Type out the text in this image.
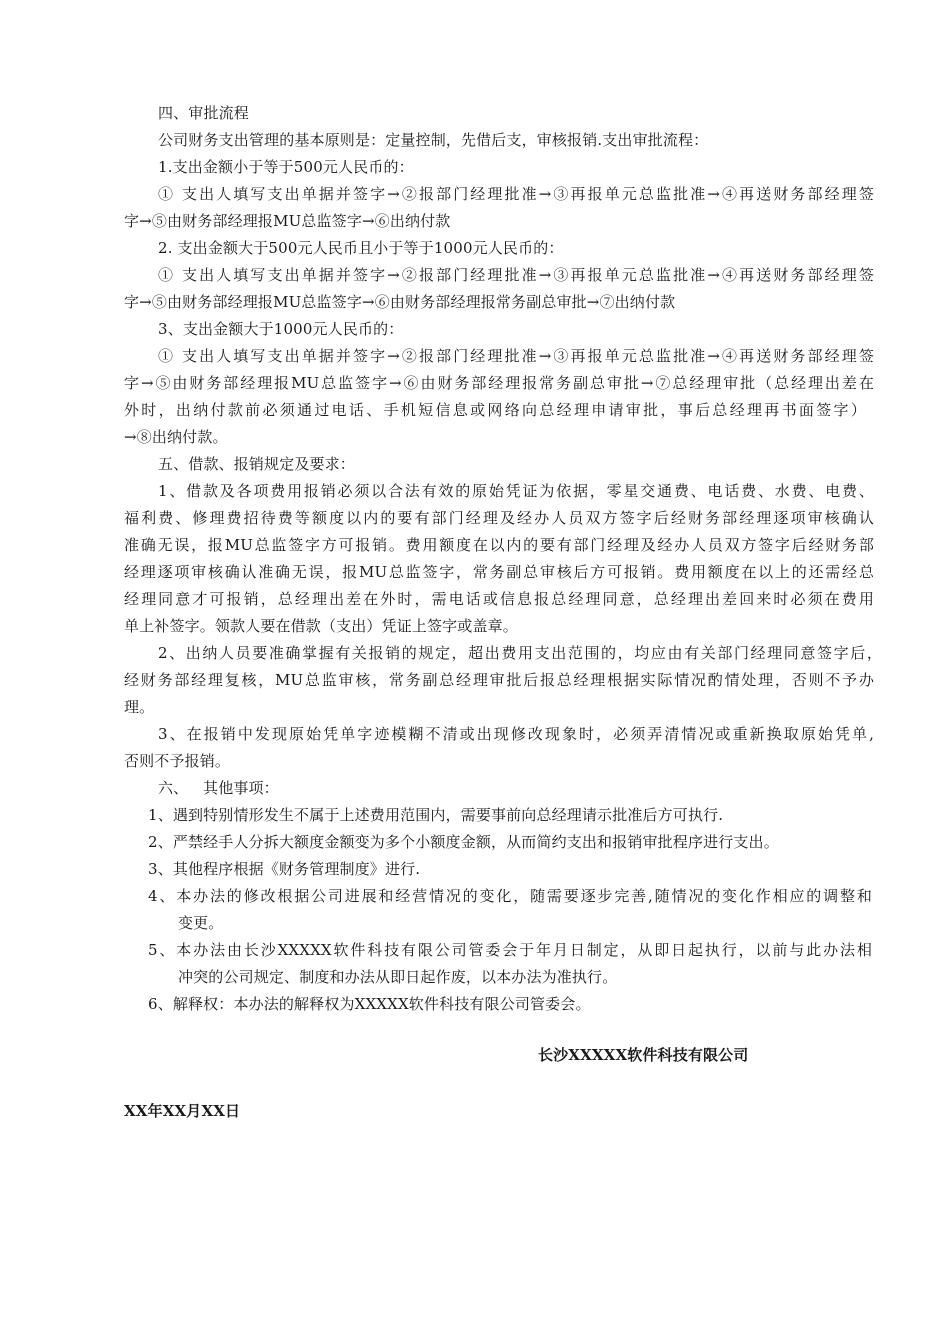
四、审批流程
公司财务支出管理的基本原则是：定量控制，先借后支，审核报销.支出审批流程：
1.支出金额小于等于500元人民币的：
① 支出人填写支出单据并签字→②报部门经理批准→③再报单元总监批准→④再送财务部经理签
字→⑤由财务部经理报MU总监签字→⑥出纳付款
2. 支出金额大于500元人民币且小于等于1000元人民币的：
① 支出人填写支出单据并签字→②报部门经理批准→③再报单元总监批准→④再送财务部经理签
字→⑤由财务部经理报MU总监签字→⑥由财务部经理报常务副总审批→⑦出纳付款
3、支出金额大于1000元人民币的：
① 支出人填写支出单据并签字→②报部门经理批准→③再报单元总监批准→④再送财务部经理签
字→⑤由财务部经理报MU总监签字→⑥由财务部经理报常务副总审批→⑦总经理审批（总经理出差在
外时，出纳付款前必须通过电话、手机短信息或网络向总经理申请审批，事后总经理再书面签字）
→⑧出纳付款。
五、借款、报销规定及要求：
1、借款及各项费用报销必须以合法有效的原始凭证为依据，零星交通费、电话费、水费、电费、
福利费、修理费招待费等额度以内的要有部门经理及经办人员双方签字后经财务部经理逐项审核确认
准确无误，报MU总监签字方可报销。费用额度在以内的要有部门经理及经办人员双方签字后经财务部
经理逐项审核确认准确无误，报MU总监签字，常务副总审核后方可报销。费用额度在以上的还需经总
经理同意才可报销，总经理出差在外时，需电话或信息报总经理同意，总经理出差回来时必须在费用
单上补签字。领款人要在借款（支出）凭证上签字或盖章。
2、出纳人员要准确掌握有关报销的规定，超出费用支出范围的，均应由有关部门经理同意签字后，
经财务部经理复核，MU总监审核，常务副总经理审批后报总经理根据实际情况酌情处理，否则不予办
理。
3、在报销中发现原始凭单字迹模糊不清或出现修改现象时，必须弄清情况或重新换取原始凭单,
否则不予报销。
六、   其他事项：
1、遇到特别情形发生不属于上述费用范围内，需要事前向总经理请示批准后方可执行.
2、严禁经手人分拆大额度金额变为多个小额度金额，从而简约支出和报销审批程序进行支出。
3、其他程序根据《财务管理制度》进行.
4、本办法的修改根据公司进展和经营情况的变化，随需要逐步完善,随情况的变化作相应的调整和
变更。
5、本办法由长沙XXXXX软件科技有限公司管委会于年月日制定，从即日起执行，以前与此办法相
冲突的公司规定、制度和办法从即日起作废，以本办法为准执行。
6、解释权：本办法的解释权为XXXXX软件科技有限公司管委会。
长沙XXXXX软件科技有限公司
XX年XX月XX日
